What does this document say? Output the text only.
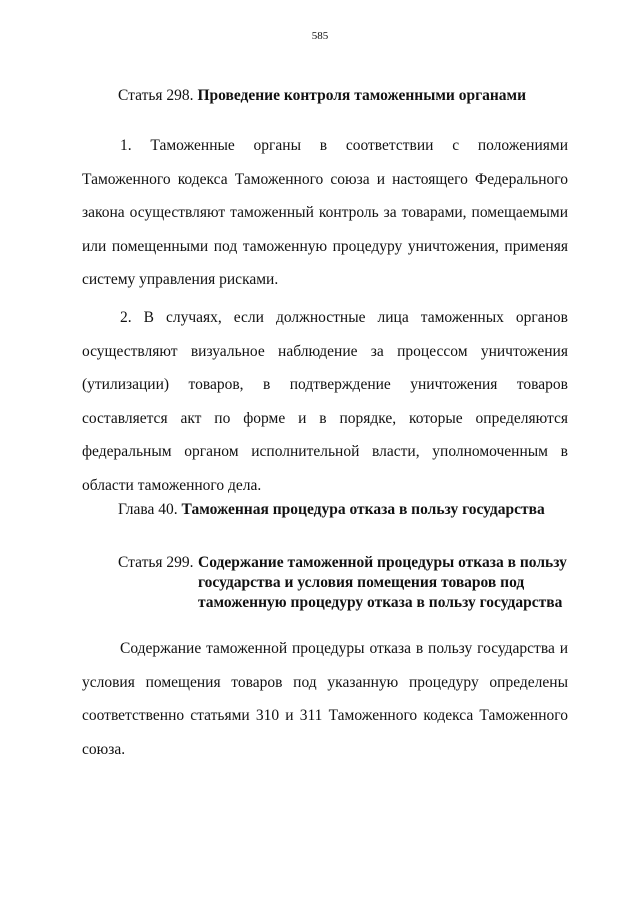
585
Статья 298. Проведение контроля таможенными органами

1. Таможенные органы в соответствии с положениями Таможенного кодекса Таможенного союза и настоящего Федерального закона осуществляют таможенный контроль за товарами, помещаемыми или помещенными под таможенную процедуру уничтожения, применяя систему управления рисками.

2. В случаях, если должностные лица таможенных органов осуществляют визуальное наблюдение за процессом уничтожения (утилизации) товаров, в подтверждение уничтожения товаров составляется акт по форме и в порядке, которые определяются федеральным органом исполнительной власти, уполномоченным в области таможенного дела.

Глава 40. Таможенная процедура отказа в пользу государства
Статья 299. Содержание таможенной процедуры отказа в пользу
государства и условия помещения товаров под
таможенную процедуру отказа в пользу государства

Содержание таможенной процедуры отказа в пользу государства и условия помещения товаров под указанную процедуру определены соответственно статьями 310 и 311 Таможенного кодекса Таможенного союза.
